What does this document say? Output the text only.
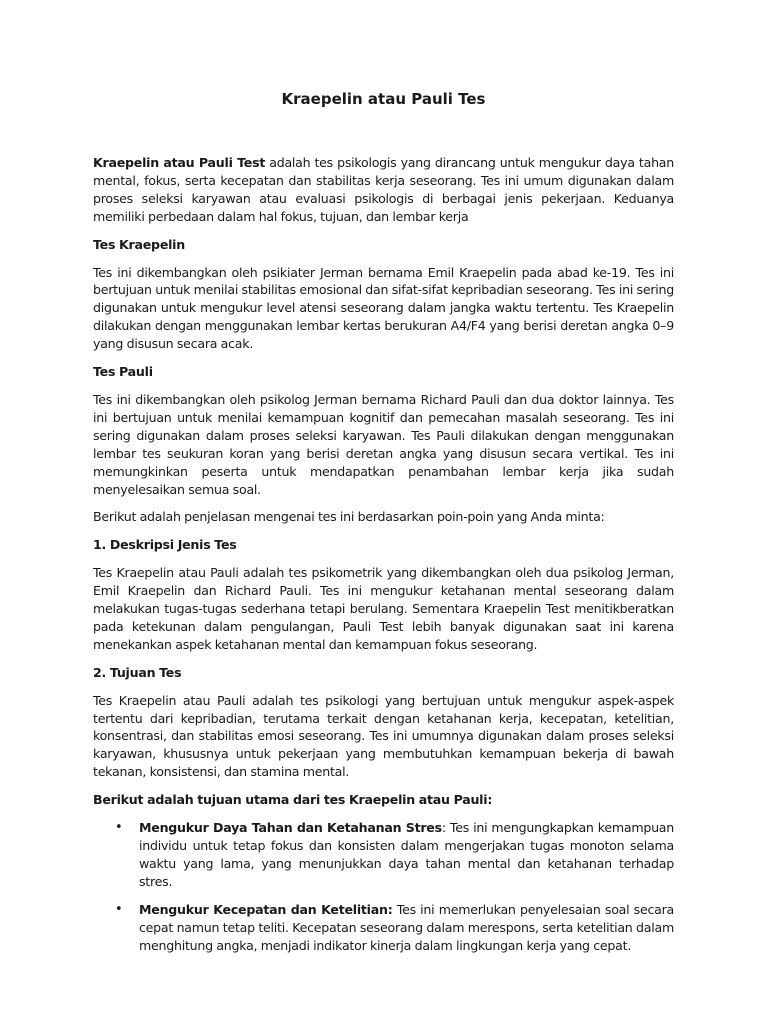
Kraepelin atau Pauli Tes

Kraepelin atau Pauli Test adalah tes psikologis yang dirancang untuk mengukur daya tahan mental, fokus, serta kecepatan dan stabilitas kerja seseorang. Tes ini umum digunakan dalam proses seleksi karyawan atau evaluasi psikologis di berbagai jenis pekerjaan. Keduanya memiliki perbedaan dalam hal fokus, tujuan, dan lembar kerja

Tes Kraepelin

Tes ini dikembangkan oleh psikiater Jerman bernama Emil Kraepelin pada abad ke-19. Tes ini bertujuan untuk menilai stabilitas emosional dan sifat-sifat kepribadian seseorang. Tes ini sering digunakan untuk mengukur level atensi seseorang dalam jangka waktu tertentu. Tes Kraepelin dilakukan dengan menggunakan lembar kertas berukuran A4/F4 yang berisi deretan angka 0–9 yang disusun secara acak.

Tes Pauli

Tes ini dikembangkan oleh psikolog Jerman bernama Richard Pauli dan dua doktor lainnya. Tes ini bertujuan untuk menilai kemampuan kognitif dan pemecahan masalah seseorang. Tes ini sering digunakan dalam proses seleksi karyawan. Tes Pauli dilakukan dengan menggunakan lembar tes seukuran koran yang berisi deretan angka yang disusun secara vertikal. Tes ini memungkinkan peserta untuk mendapatkan penambahan lembar kerja jika sudah menyelesaikan semua soal.

Berikut adalah penjelasan mengenai tes ini berdasarkan poin-poin yang Anda minta:

1. Deskripsi Jenis Tes

Tes Kraepelin atau Pauli adalah tes psikometrik yang dikembangkan oleh dua psikolog Jerman, Emil Kraepelin dan Richard Pauli. Tes ini mengukur ketahanan mental seseorang dalam melakukan tugas-tugas sederhana tetapi berulang. Sementara Kraepelin Test menitikberatkan pada ketekunan dalam pengulangan, Pauli Test lebih banyak digunakan saat ini karena menekankan aspek ketahanan mental dan kemampuan fokus seseorang.

2. Tujuan Tes

Tes Kraepelin atau Pauli adalah tes psikologi yang bertujuan untuk mengukur aspek-aspek tertentu dari kepribadian, terutama terkait dengan ketahanan kerja, kecepatan, ketelitian, konsentrasi, dan stabilitas emosi seseorang. Tes ini umumnya digunakan dalam proses seleksi karyawan, khususnya untuk pekerjaan yang membutuhkan kemampuan bekerja di bawah tekanan, konsistensi, dan stamina mental.

Berikut adalah tujuan utama dari tes Kraepelin atau Pauli:

• Mengukur Daya Tahan dan Ketahanan Stres: Tes ini mengungkapkan kemampuan individu untuk tetap fokus dan konsisten dalam mengerjakan tugas monoton selama waktu yang lama, yang menunjukkan daya tahan mental dan ketahanan terhadap stres.
• Mengukur Kecepatan dan Ketelitian: Tes ini memerlukan penyelesaian soal secara cepat namun tetap teliti. Kecepatan seseorang dalam merespons, serta ketelitian dalam menghitung angka, menjadi indikator kinerja dalam lingkungan kerja yang cepat.
